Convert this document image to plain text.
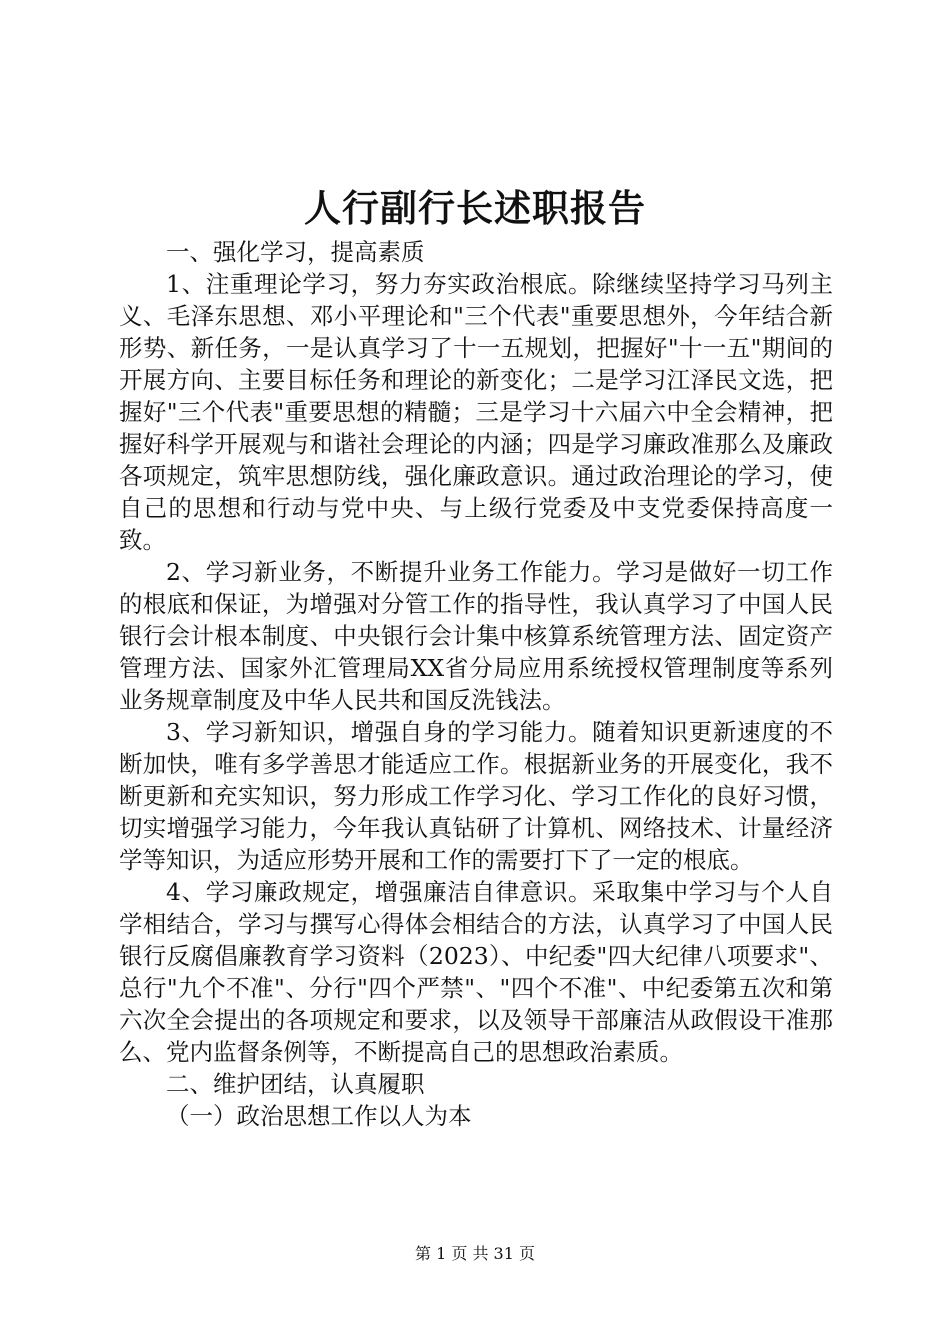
人行副行长述职报告

一、强化学习，提高素质

1、注重理论学习，努力夯实政治根底。除继续坚持学习马列主义、毛泽东思想、邓小平理论和"三个代表"重要思想外，今年结合新形势、新任务，一是认真学习了十一五规划，把握好"十一五"期间的开展方向、主要目标任务和理论的新变化；二是学习江泽民文选，把握好"三个代表"重要思想的精髓；三是学习十六届六中全会精神，把握好科学开展观与和谐社会理论的内涵；四是学习廉政准那么及廉政各项规定，筑牢思想防线，强化廉政意识。通过政治理论的学习，使自己的思想和行动与党中央、与上级行党委及中支党委保持高度一致。

2、学习新业务，不断提升业务工作能力。学习是做好一切工作的根底和保证，为增强对分管工作的指导性，我认真学习了中国人民银行会计根本制度、中央银行会计集中核算系统管理方法、固定资产管理方法、国家外汇管理局XX省分局应用系统授权管理制度等系列业务规章制度及中华人民共和国反洗钱法。

3、学习新知识，增强自身的学习能力。随着知识更新速度的不断加快，唯有多学善思才能适应工作。根据新业务的开展变化，我不断更新和充实知识，努力形成工作学习化、学习工作化的良好习惯，切实增强学习能力，今年我认真钻研了计算机、网络技术、计量经济学等知识，为适应形势开展和工作的需要打下了一定的根底。

4、学习廉政规定，增强廉洁自律意识。采取集中学习与个人自学相结合，学习与撰写心得体会相结合的方法，认真学习了中国人民银行反腐倡廉教育学习资料（2023）、中纪委"四大纪律八项要求"、总行"九个不准"、分行"四个严禁"、"四个不准"、中纪委第五次和第六次全会提出的各项规定和要求，以及领导干部廉洁从政假设干准那么、党内监督条例等，不断提高自己的思想政治素质。

二、维护团结，认真履职

（一）政治思想工作以人为本

第 1 页 共 31 页
